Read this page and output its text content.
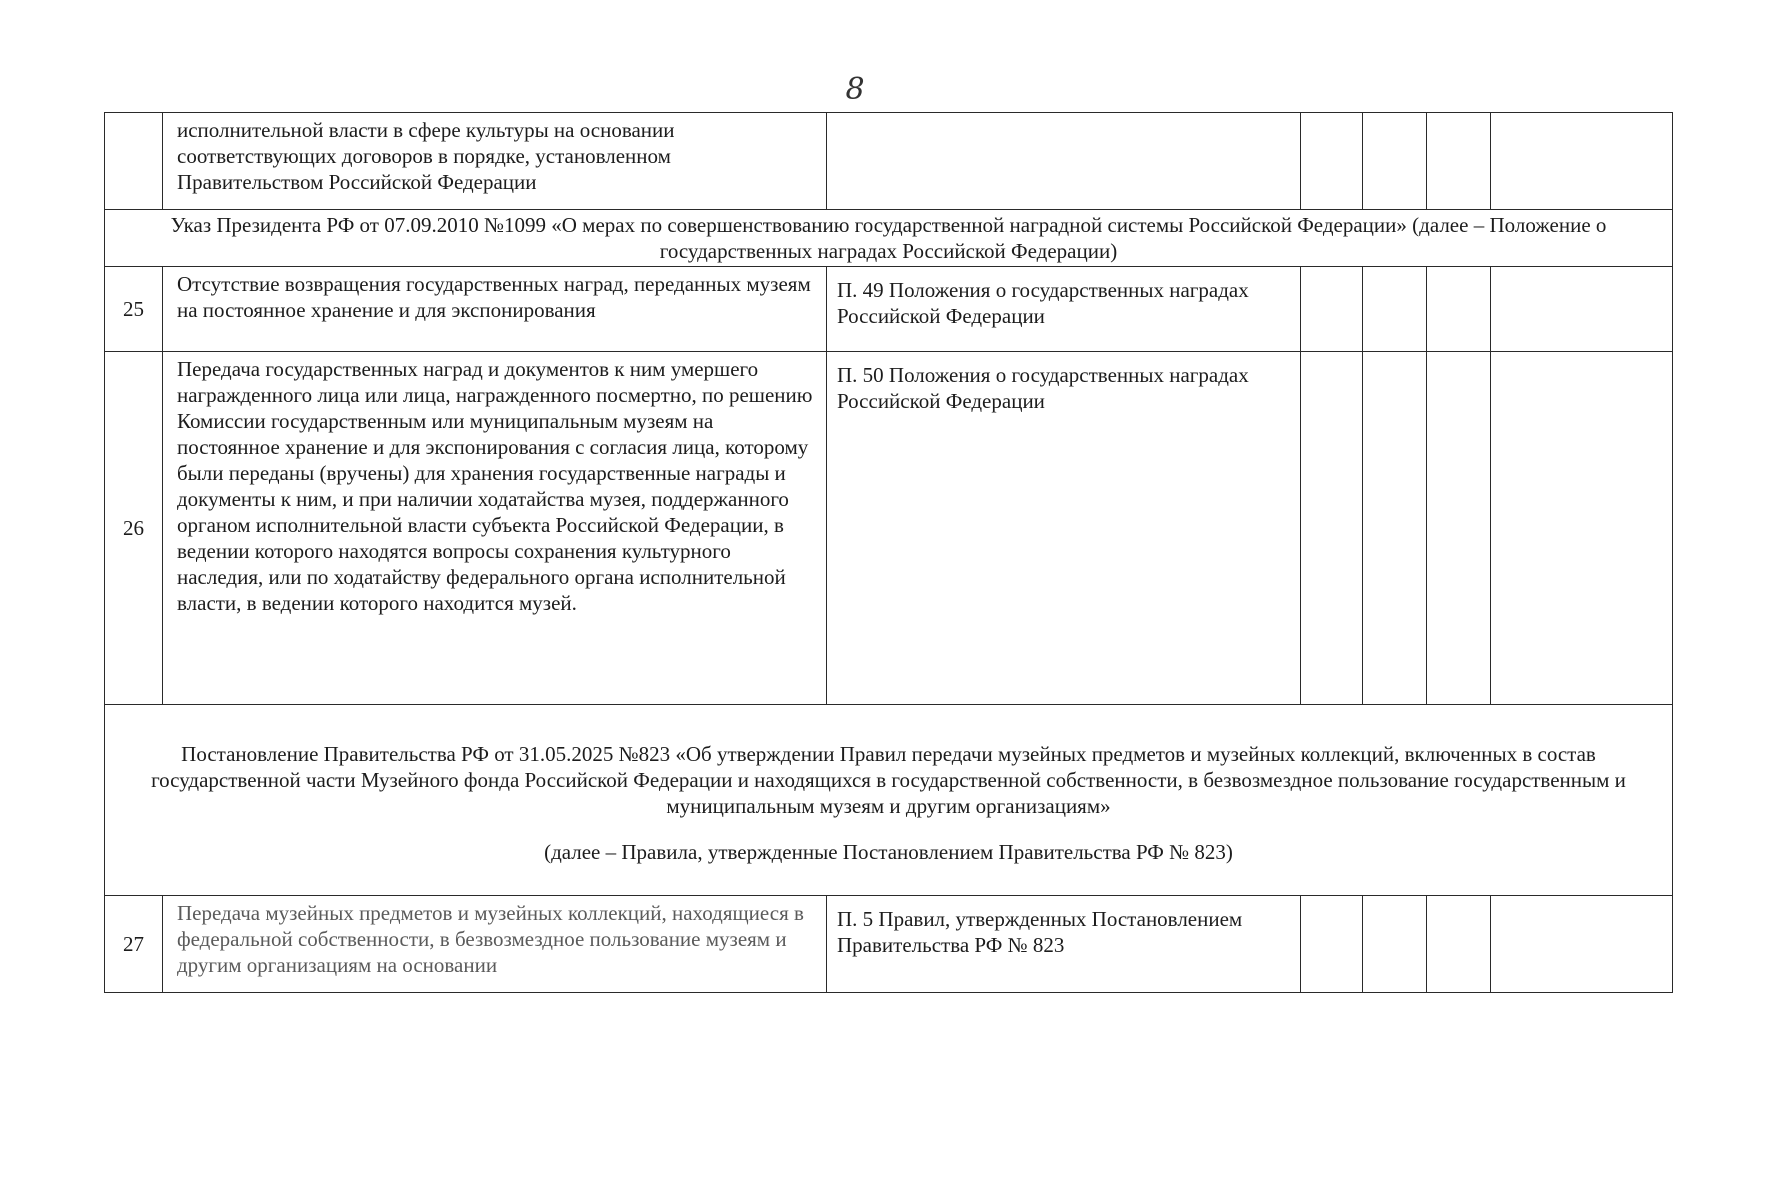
8
	исполнительной власти в сфере культуры на основании соответствующих договоров в порядке, установленном Правительством Российской Федерации					
Указ Президента РФ от 07.09.2010 №1099 «О мерах по совершенствованию государственной наградной системы Российской Федерации» (далее – Положение о государственных наградах Российской Федерации)						
25	Отсутствие возвращения государственных наград, переданных музеям на постоянное хранение и для экспонирования	П. 49 Положения о государственных наградах Российской Федерации				
26	Передача государственных наград и документов к ним умершего награжденного лица или лица, награжденного посмертно, по решению Комиссии государственным или муниципальным музеям на постоянное хранение и для экспонирования с согласия лица, которому были переданы (вручены) для хранения государственные награды и документы к ним, и при наличии ходатайства музея, поддержанного органом исполнительной власти субъекта Российской Федерации, в ведении которого находятся вопросы сохранения культурного наследия, или по ходатайству федерального органа исполнительной власти, в ведении которого находится музей.	П. 50 Положения о государственных наградах Российской Федерации				

Постановление Правительства РФ от 31.05.2025 №823 «Об утверждении Правил передачи музейных предметов и музейных коллекций, включенных в состав государственной части Музейного фонда Российской Федерации и находящихся в государственной собственности, в безвозмездное пользование государственным и муниципальным музеям и другим организациям»
(далее – Правила, утвержденные Постановлением Правительства РФ № 823)						

27	Передача музейных предметов и музейных коллекций, находящиеся в федеральной собственности, в безвозмездное пользование музеям и другим организациям на основании	П. 5 Правил, утвержденных Постановлением Правительства РФ № 823				
